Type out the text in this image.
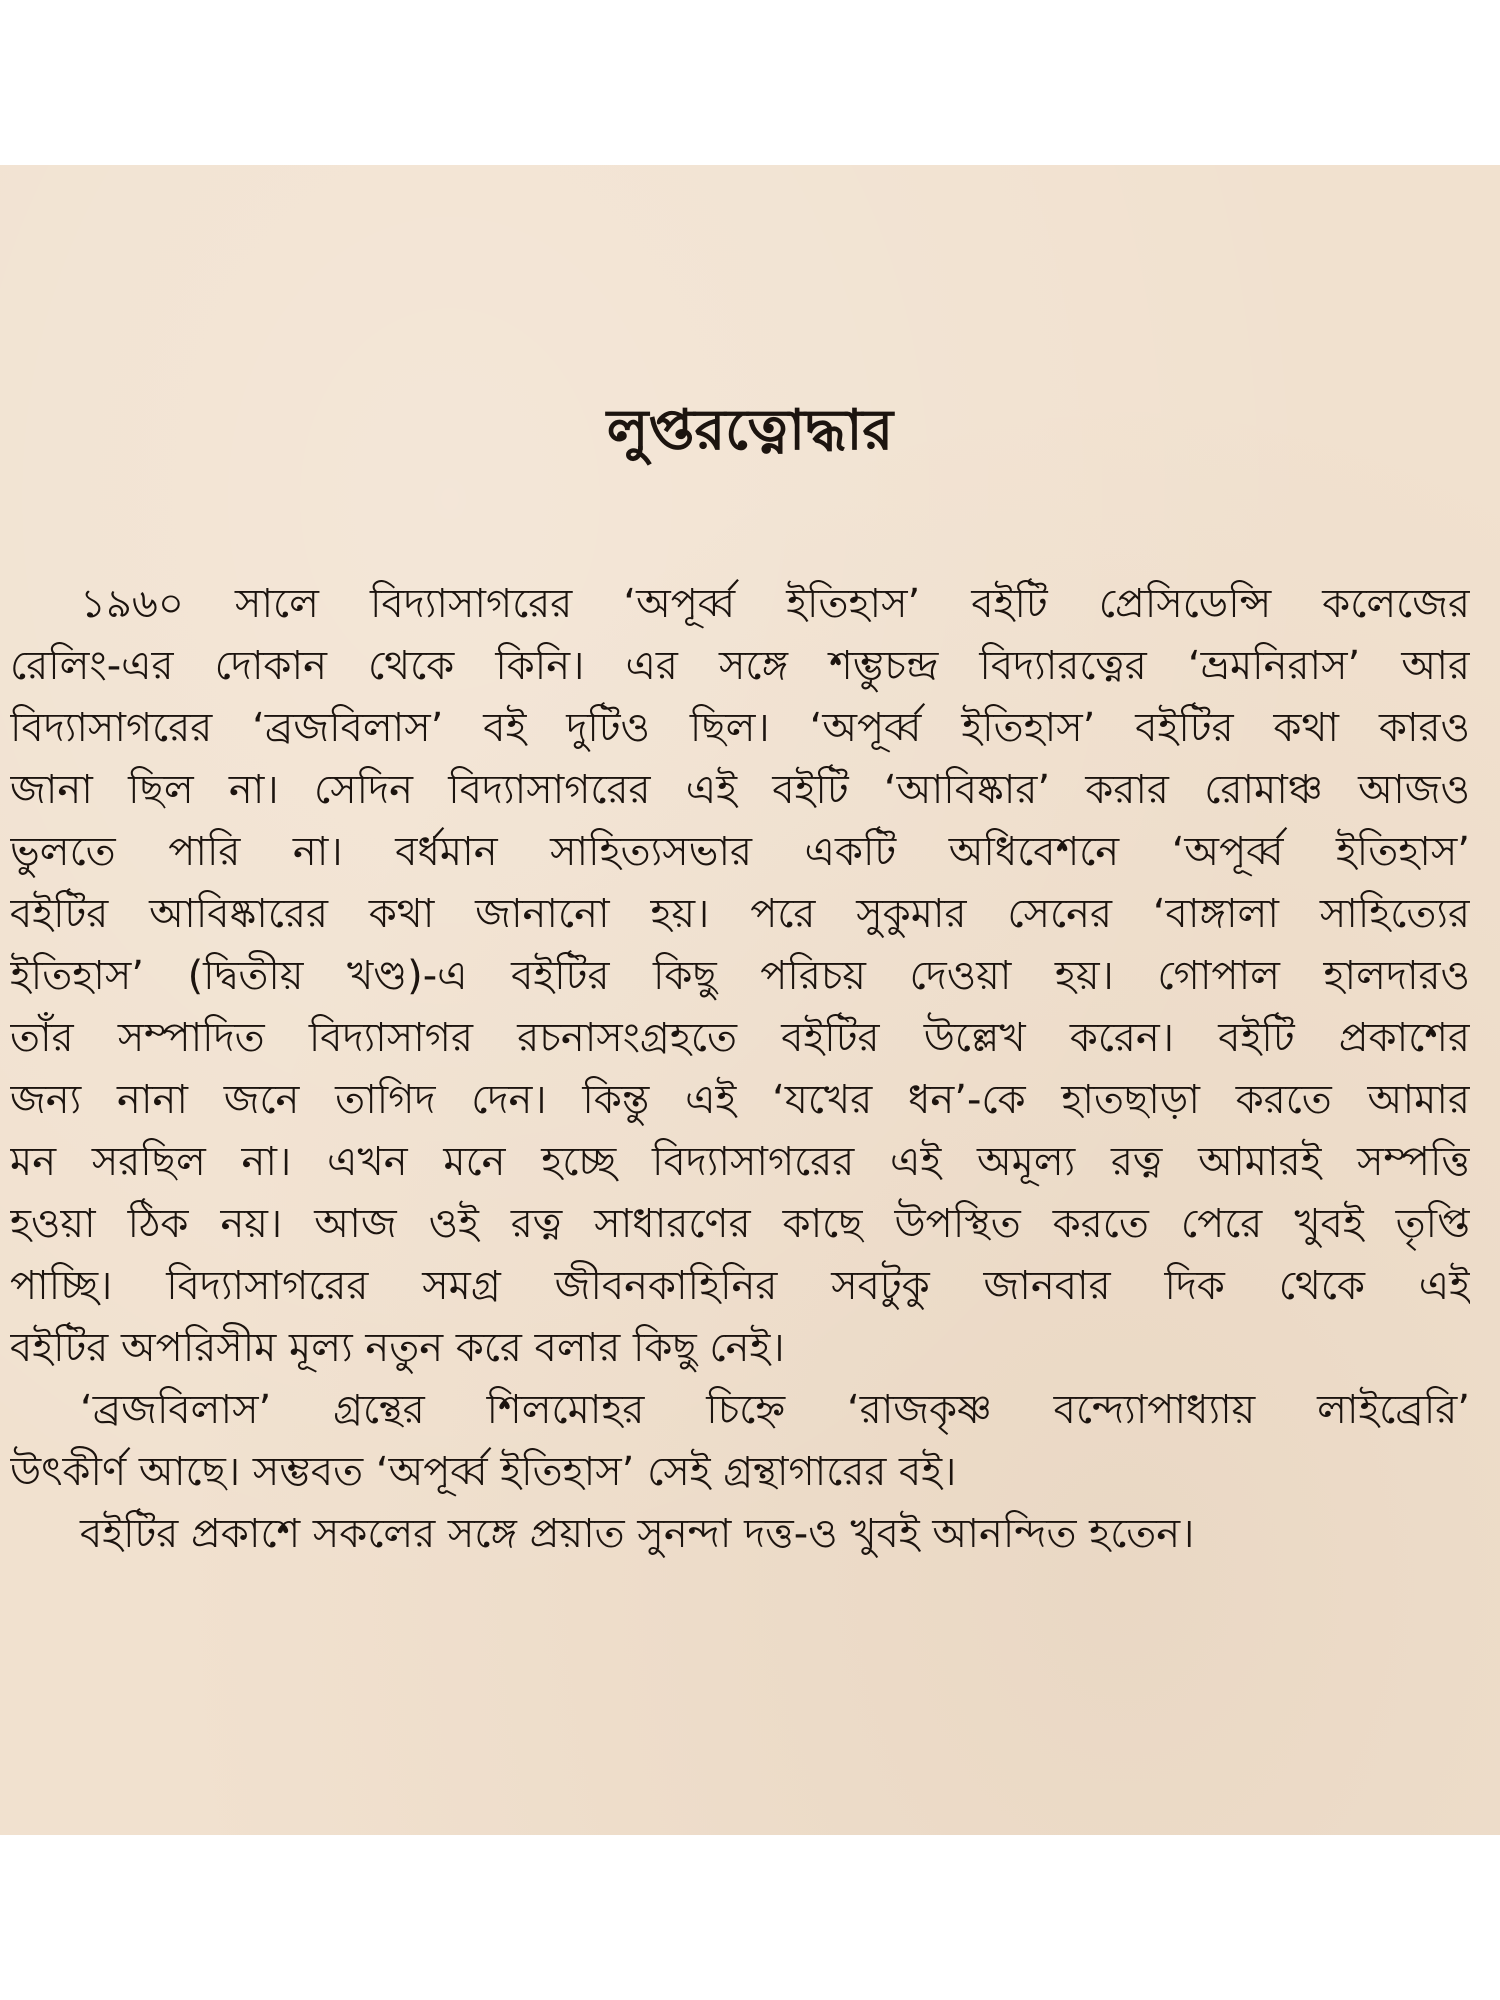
লুপ্তরত্নোদ্ধার
১৯৬০ সালে বিদ্যাসাগরের ‘অপূর্ব্ব ইতিহাস’ বইটি প্রেসিডেন্সি কলেজের
রেলিং-এর দোকান থেকে কিনি। এর সঙ্গে শম্ভুচন্দ্র বিদ্যারত্নের ‘ভ্রমনিরাস’ আর
বিদ্যাসাগরের ‘ব্রজবিলাস’ বই দুটিও ছিল। ‘অপূর্ব্ব ইতিহাস’ বইটির কথা কারও
জানা ছিল না। সেদিন বিদ্যাসাগরের এই বইটি ‘আবিষ্কার’ করার রোমাঞ্চ আজও
ভুলতে পারি না। বর্ধমান সাহিত্যসভার একটি অধিবেশনে ‘অপূর্ব্ব ইতিহাস’
বইটির আবিষ্কারের কথা জানানো হয়। পরে সুকুমার সেনের ‘বাঙ্গালা সাহিত্যের
ইতিহাস’ (দ্বিতীয় খণ্ড)-এ বইটির কিছু পরিচয় দেওয়া হয়। গোপাল হালদারও
তাঁর সম্পাদিত বিদ্যাসাগর রচনাসংগ্রহতে বইটির উল্লেখ করেন। বইটি প্রকাশের
জন্য নানা জনে তাগিদ দেন। কিন্তু এই ‘যখের ধন’-কে হাতছাড়া করতে আমার
মন সরছিল না। এখন মনে হচ্ছে বিদ্যাসাগরের এই অমূল্য রত্ন আমারই সম্পত্তি
হওয়া ঠিক নয়। আজ ওই রত্ন সাধারণের কাছে উপস্থিত করতে পেরে খুবই তৃপ্তি
পাচ্ছি। বিদ্যাসাগরের সমগ্র জীবনকাহিনির সবটুকু জানবার দিক থেকে এই
বইটির অপরিসীম মূল্য নতুন করে বলার কিছু নেই।
‘ব্রজবিলাস’ গ্রন্থের শিলমোহর চিহ্নে ‘রাজকৃষ্ণ বন্দ্যোপাধ্যায় লাইব্রেরি’
উৎকীর্ণ আছে। সম্ভবত ‘অপূর্ব্ব ইতিহাস’ সেই গ্রন্থাগারের বই।
বইটির প্রকাশে সকলের সঙ্গে প্রয়াত সুনন্দা দত্ত-ও খুবই আনন্দিত হতেন।
